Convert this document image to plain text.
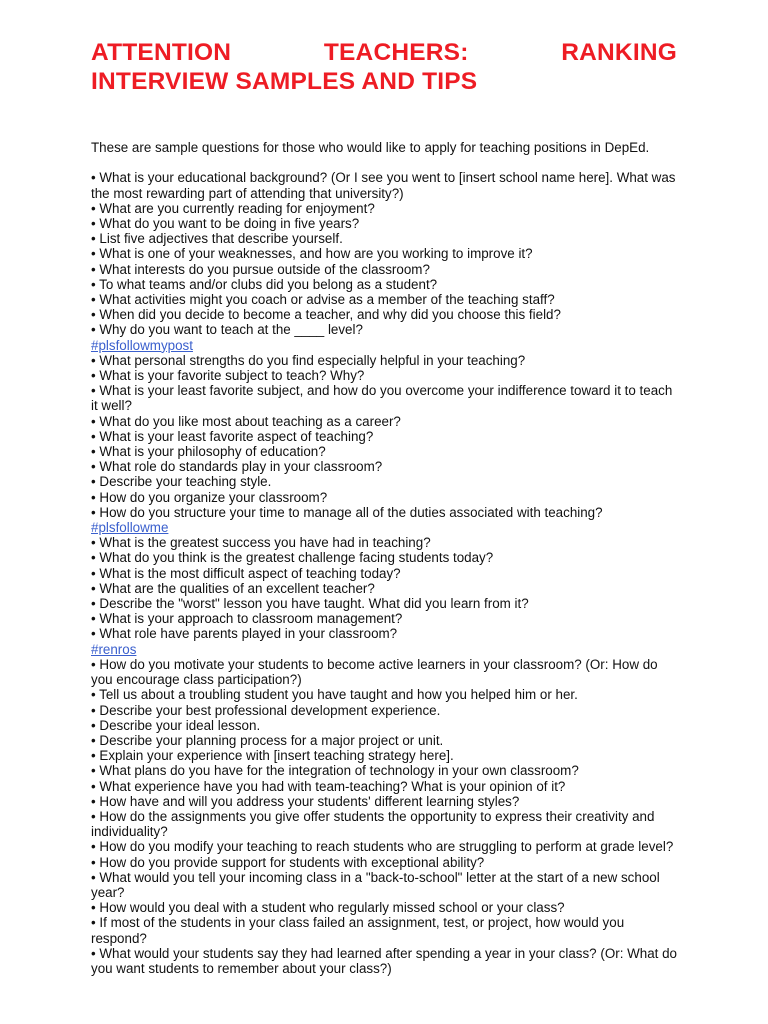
ATTENTION	TEACHERS:	RANKING
INTERVIEW SAMPLES AND TIPS

These are sample questions for those who would like to apply for teaching positions in DepEd.

• What is your educational background? (Or I see you went to [insert school name here]. What was the most rewarding part of attending that university?)
• What are you currently reading for enjoyment?
• What do you want to be doing in five years?
• List five adjectives that describe yourself.
• What is one of your weaknesses, and how are you working to improve it?
• What interests do you pursue outside of the classroom?
• To what teams and/or clubs did you belong as a student?
• What activities might you coach or advise as a member of the teaching staff?
• When did you decide to become a teacher, and why did you choose this field?
• Why do you want to teach at the ____ level?
#plsfollowmypost
• What personal strengths do you find especially helpful in your teaching?
• What is your favorite subject to teach? Why?
• What is your least favorite subject, and how do you overcome your indifference toward it to teach it well?
• What do you like most about teaching as a career?
• What is your least favorite aspect of teaching?
• What is your philosophy of education?
• What role do standards play in your classroom?
• Describe your teaching style.
• How do you organize your classroom?
• How do you structure your time to manage all of the duties associated with teaching?
#plsfollowme
• What is the greatest success you have had in teaching?
• What do you think is the greatest challenge facing students today?
• What is the most difficult aspect of teaching today?
• What are the qualities of an excellent teacher?
• Describe the "worst" lesson you have taught. What did you learn from it?
• What is your approach to classroom management?
• What role have parents played in your classroom?
#renros
• How do you motivate your students to become active learners in your classroom? (Or: How do you encourage class participation?)
• Tell us about a troubling student you have taught and how you helped him or her.
• Describe your best professional development experience.
• Describe your ideal lesson.
• Describe your planning process for a major project or unit.
• Explain your experience with [insert teaching strategy here].
• What plans do you have for the integration of technology in your own classroom?
• What experience have you had with team-teaching? What is your opinion of it?
• How have and will you address your students' different learning styles?
• How do the assignments you give offer students the opportunity to express their creativity and individuality?
• How do you modify your teaching to reach students who are struggling to perform at grade level?
• How do you provide support for students with exceptional ability?
• What would you tell your incoming class in a "back-to-school" letter at the start of a new school year?
• How would you deal with a student who regularly missed school or your class?
• If most of the students in your class failed an assignment, test, or project, how would you respond?
• What would your students say they had learned after spending a year in your class? (Or: What do you want students to remember about your class?)
